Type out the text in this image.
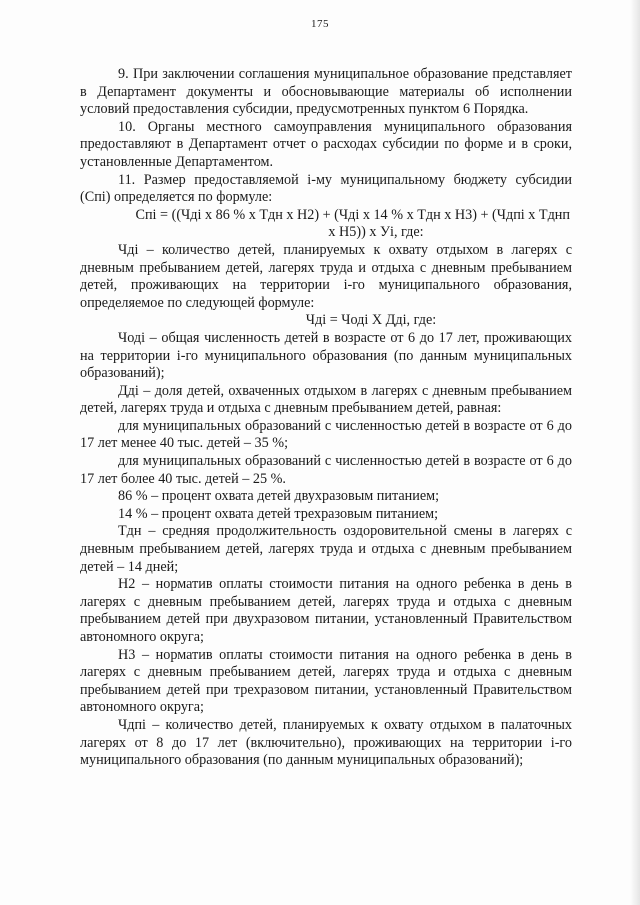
175

9. При заключении соглашения муниципальное образование представляет в Департамент документы и обосновывающие материалы об исполнении условий предоставления субсидии, предусмотренных пунктом 6 Порядка.

10. Органы местного самоуправления муниципального образования предоставляют в Департамент отчет о расходах субсидии по форме и в сроки, установленные Департаментом.

11. Размер предоставляемой i-му муниципальному бюджету субсидии (Спi) определяется по формуле:

Спi = ((Чдi x 86 % x Тдн x Н2) + (Чдi x 14 % x Тдн x Н3) + (Чдпi x Тднп

x Н5)) x Уi, где:

Чдi – количество детей, планируемых к охвату отдыхом в лагерях с дневным пребыванием детей, лагерях труда и отдыха с дневным пребыванием детей, проживающих на территории i-го муниципального образования, определяемое по следующей формуле:

Чдi = Чоді Х Дді, где:

Чоді – общая численность детей в возрасте от 6 до 17 лет, проживающих на территории i-го муниципального образования (по данным муниципальных образований);

Дді – доля детей, охваченных отдыхом в лагерях с дневным пребыванием детей, лагерях труда и отдыха с дневным пребыванием детей, равная:

для муниципальных образований с численностью детей в возрасте от 6 до 17 лет менее 40 тыс. детей – 35 %;

для муниципальных образований с численностью детей в возрасте от 6 до 17 лет более 40 тыс. детей – 25 %.

86 % – процент охвата детей двухразовым питанием;

14 % – процент охвата детей трехразовым питанием;

Тдн – средняя продолжительность оздоровительной смены в лагерях с дневным пребыванием детей, лагерях труда и отдыха с дневным пребыванием детей – 14 дней;

Н2 – норматив оплаты стоимости питания на одного ребенка в день в лагерях с дневным пребыванием детей, лагерях труда и отдыха с дневным пребыванием детей при двухразовом питании, установленный Правительством автономного округа;

Н3 – норматив оплаты стоимости питания на одного ребенка в день в лагерях с дневным пребыванием детей, лагерях труда и отдыха с дневным пребыванием детей при трехразовом питании, установленный Правительством автономного округа;

Чдпі – количество детей, планируемых к охвату отдыхом в палаточных лагерях от 8 до 17 лет (включительно), проживающих на территории i-го муниципального образования (по данным муниципальных образований);
